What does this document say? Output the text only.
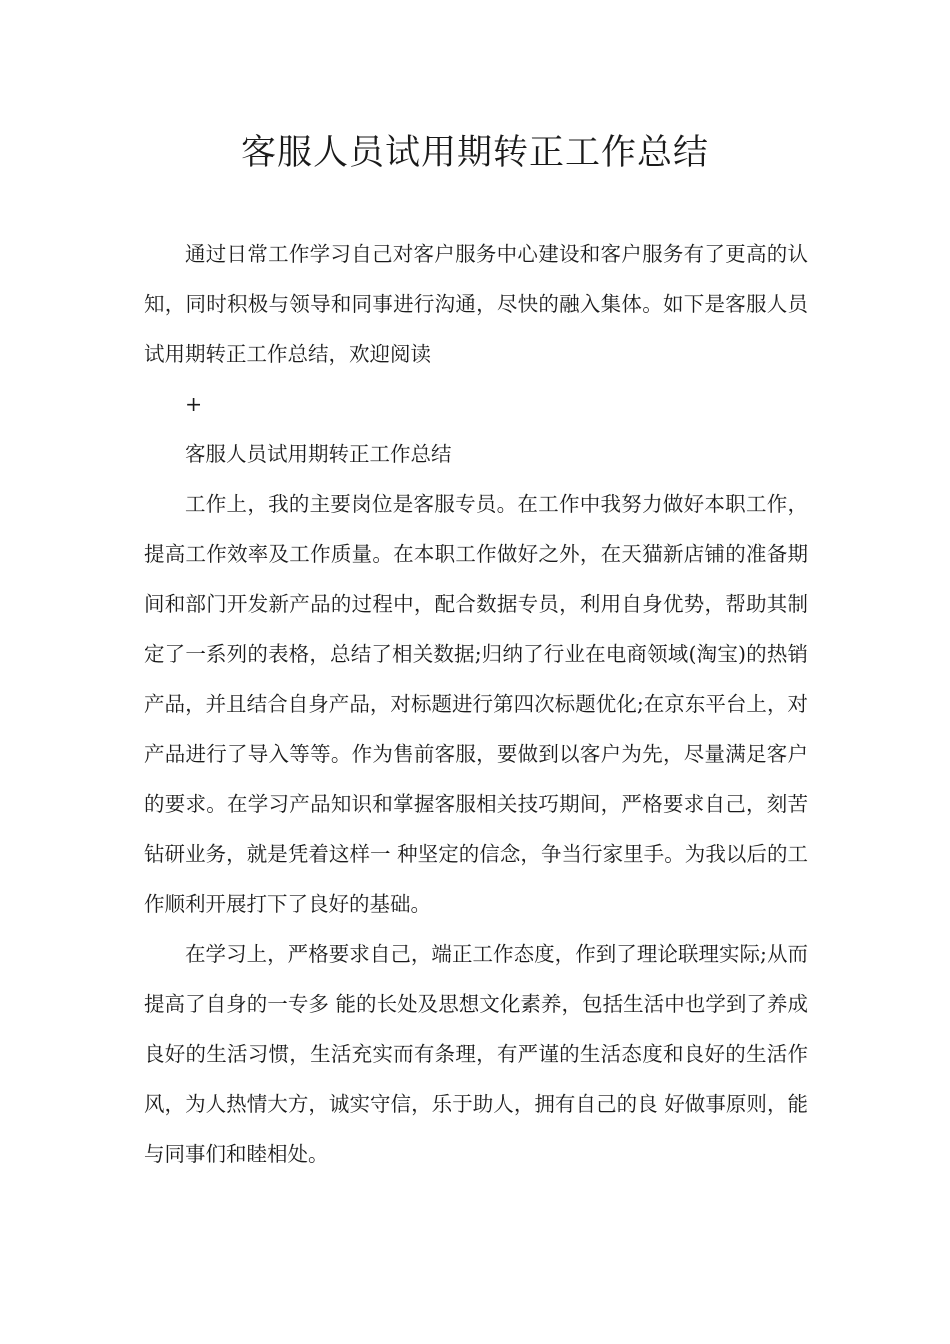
客服人员试用期转正工作总结

通过日常工作学习自己对客户服务中心建设和客户服务有了更高的认知，同时积极与领导和同事进行沟通，尽快的融入集体。如下是客服人员试用期转正工作总结，欢迎阅读

+

客服人员试用期转正工作总结

工作上，我的主要岗位是客服专员。在工作中我努力做好本职工作，提高工作效率及工作质量。在本职工作做好之外，在天猫新店铺的准备期间和部门开发新产品的过程中，配合数据专员，利用自身优势，帮助其制定了一系列的表格，总结了相关数据;归纳了行业在电商领域(淘宝)的热销产品，并且结合自身产品，对标题进行第四次标题优化;在京东平台上，对产品进行了导入等等。作为售前客服，要做到以客户为先，尽量满足客户的要求。在学习产品知识和掌握客服相关技巧期间，严格要求自己，刻苦钻研业务，就是凭着这样一 种坚定的信念，争当行家里手。为我以后的工作顺利开展打下了良好的基础。

在学习上，严格要求自己，端正工作态度，作到了理论联理实际;从而提高了自身的一专多 能的长处及思想文化素养，包括生活中也学到了养成良好的生活习惯，生活充实而有条理，有严谨的生活态度和良好的生活作风，为人热情大方，诚实守信，乐于助人，拥有自己的良 好做事原则，能与同事们和睦相处。
